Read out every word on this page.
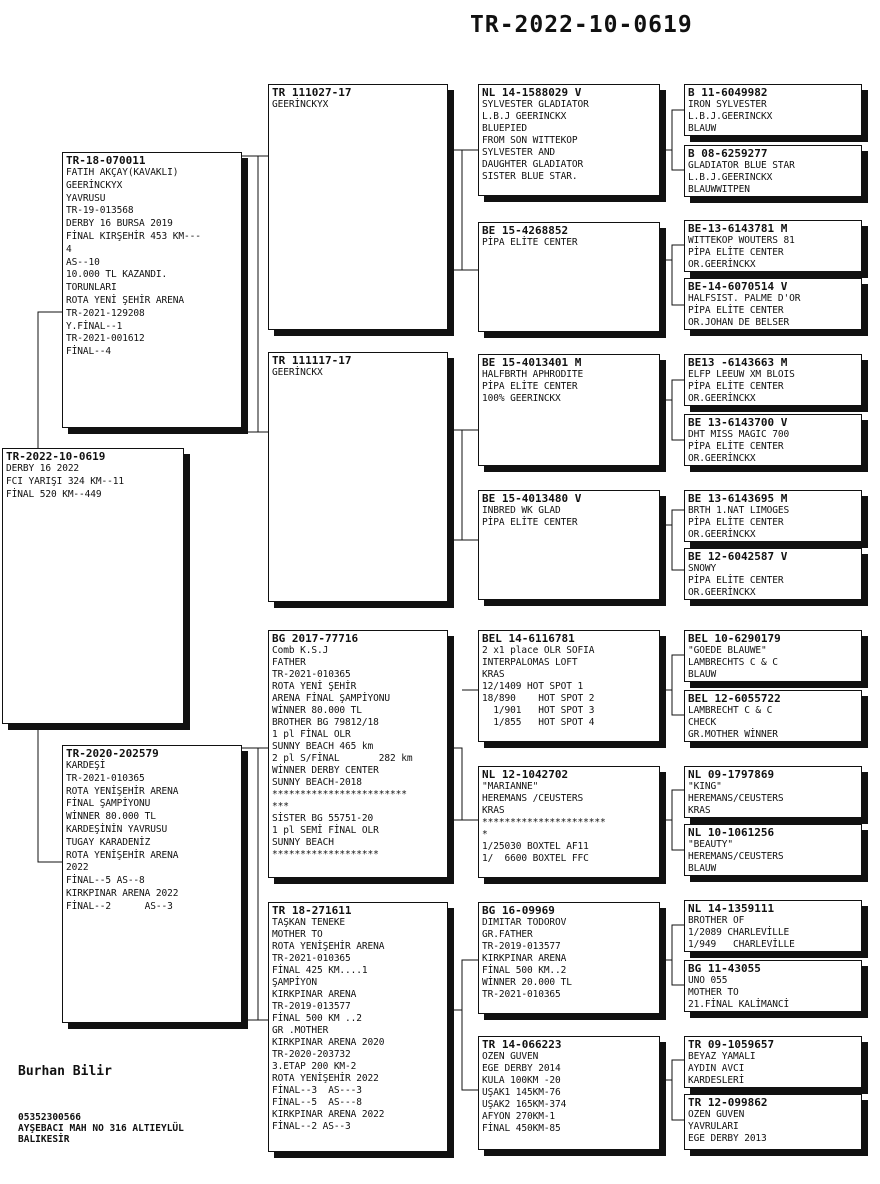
TR-2022-10-0619
TR-2022-10-0619
DERBY 16 2022
FCI YARIŞI 324 KM--11
FİNAL 520 KM--449
TR-18-070011
FATIH AKÇAY(KAVAKLI)
GEERİNCKYX
YAVRUSU
TR-19-013568
DERBY 16 BURSA 2019
FİNAL KIRŞEHİR 453 KM---
4
AS--10
10.000 TL KAZANDI.
TORUNLARI
ROTA YENİ ŞEHİR ARENA
TR-2021-129208
Y.FİNAL--1
TR-2021-001612
FİNAL--4
TR-2020-202579
KARDEŞİ
TR-2021-010365
ROTA YENİŞEHİR ARENA
FİNAL ŞAMPİYONU
WİNNER 80.000 TL
KARDEŞİNİN YAVRUSU
TUGAY KARADENİZ
ROTA YENİŞEHİR ARENA
2022
FİNAL--5 AS--8
KIRKPINAR ARENA 2022
FİNAL--2      AS--3
TR 111027-17
GEERİNCKYX
TR 111117-17
GEERİNCKX
BG 2017-77716
Comb K.S.J
FATHER
TR-2021-010365
ROTA YENİ ŞEHİR
ARENA FİNAL ŞAMPİYONU
WİNNER 80.000 TL
BROTHER BG 79812/18
1 pl FİNAL OLR
SUNNY BEACH 465 km
2 pl S/FİNAL       282 km
WİNNER DERBY CENTER
SUNNY BEACH-2018
************************
***
SİSTER BG 55751-20
1 pl SEMİ FİNAL OLR
SUNNY BEACH
*******************
TR 18-271611
TAŞKAN TENEKE
MOTHER TO
ROTA YENİŞEHİR ARENA
TR-2021-010365
FİNAL 425 KM....1
ŞAMPİYON
KIRKPINAR ARENA
TR-2019-013577
FİNAL 500 KM ..2
GR .MOTHER
KIRKPINAR ARENA 2020
TR-2020-203732
3.ETAP 200 KM-2
ROTA YENİŞEHİR 2022
FİNAL--3  AS---3
FİNAL--5  AS---8
KIRKPINAR ARENA 2022
FİNAL--2 AS--3
NL 14-1588029 V
SYLVESTER GLADIATOR
L.B.J GEERINCKX
BLUEPIED
FROM SON WITTEKOP
SYLVESTER AND
DAUGHTER GLADIATOR
SISTER BLUE STAR.
BE 15-4268852
PİPA ELİTE CENTER
BE 15-4013401 M
HALFBRTH APHRODITE
PİPA ELİTE CENTER
100% GEERINCKX
BE 15-4013480 V
INBRED WK GLAD
PİPA ELİTE CENTER
BEL 14-6116781
2 x1 place OLR SOFIA
INTERPALOMAS LOFT
KRAS
12/1409 HOT SPOT 1
18/890    HOT SPOT 2
1/901   HOT SPOT 3
1/855   HOT SPOT 4
NL 12-1042702
"MARIANNE"
HEREMANS /CEUSTERS
KRAS
**********************
*
1/25030 BOXTEL AF11
1/  6600 BOXTEL FFC
BG 16-09969
DIMITAR TODOROV
GR.FATHER
TR-2019-013577
KIRKPINAR ARENA
FİNAL 500 KM..2
WİNNER 20.000 TL
TR-2021-010365
TR 14-066223
OZEN GUVEN
EGE DERBY 2014
KULA 100KM -20
UŞAK1 145KM-76
UŞAK2 165KM-374
AFYON 270KM-1
FİNAL 450KM-85
B 11-6049982
IRON SYLVESTER
L.B.J.GEERINCKX
BLAUW
B 08-6259277
GLADIATOR BLUE STAR
L.B.J.GEERINCKX
BLAUWWITPEN
BE-13-6143781 M
WITTEKOP WOUTERS 81
PİPA ELİTE CENTER
OR.GEERİNCKX
BE-14-6070514 V
HALFSIST. PALME D'OR
PİPA ELİTE CENTER
OR.JOHAN DE BELSER
BE13 -6143663 M
ELFP LEEUW XM BLOIS
PİPA ELİTE CENTER
OR.GEERİNCKX
BE 13-6143700 V
DHT MISS MAGIC 700
PİPA ELİTE CENTER
OR.GEERİNCKX
BE 13-6143695 M
BRTH 1.NAT LIMOGES
PİPA ELİTE CENTER
OR.GEERİNCKX
BE 12-6042587 V
SNOWY
PİPA ELİTE CENTER
OR.GEERİNCKX
BEL 10-6290179
"GOEDE BLAUWE"
LAMBRECHTS C & C
BLAUW
BEL 12-6055722
LAMBRECHT C & C
CHECK
GR.MOTHER WİNNER
NL 09-1797869
"KING"
HEREMANS/CEUSTERS
KRAS
NL 10-1061256
"BEAUTY"
HEREMANS/CEUSTERS
BLAUW
NL 14-1359111
BROTHER OF
1/2089 CHARLEVİLLE
1/949   CHARLEVİLLE
BG 11-43055
UNO 055
MOTHER TO
21.FİNAL KALİMANCİ
TR 09-1059657
BEYAZ YAMALI
AYDIN AVCI
KARDESLERİ
TR 12-099862
OZEN GUVEN
YAVRULARI
EGE DERBY 2013
Burhan Bilir
05352300566
AYŞEBACI MAH NO 316 ALTIEYLÜL
BALIKESİR
